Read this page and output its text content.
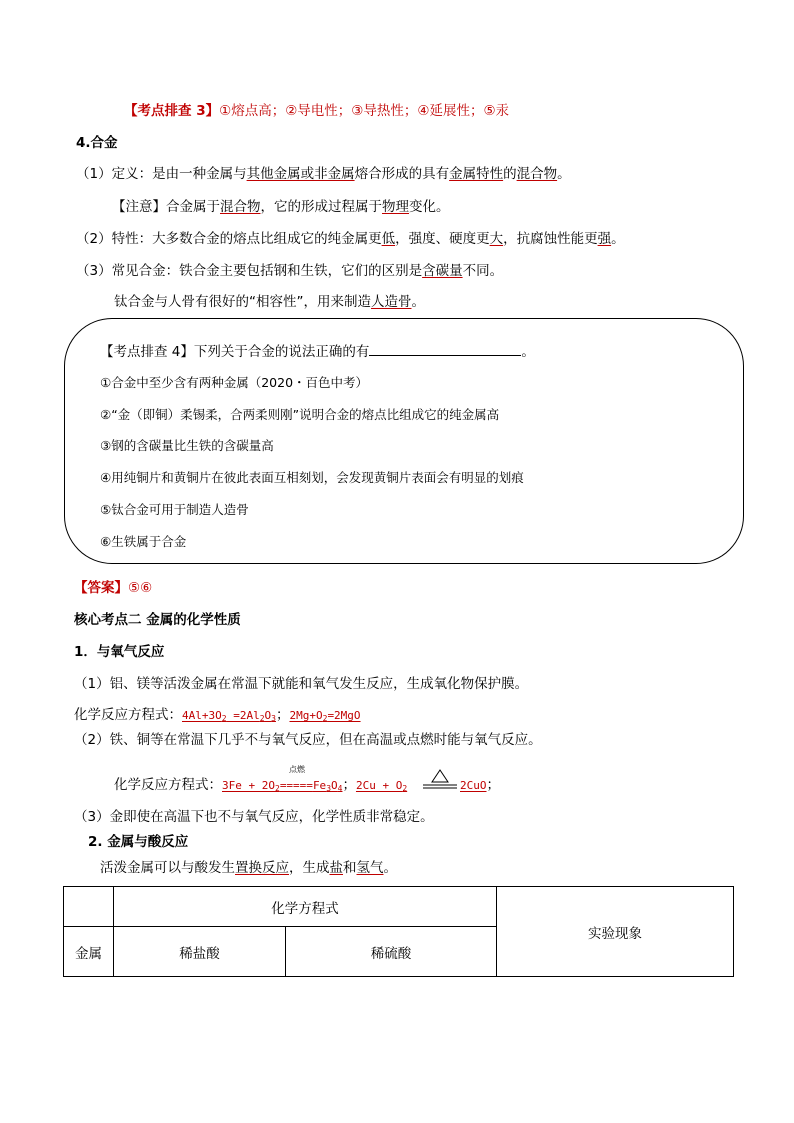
【考点排查 3】①熔点高；②导电性；③导热性；④延展性；⑤汞
4.合金
（1）定义：是由一种金属与其他金属或非金属熔合形成的具有金属特性的混合物。
【注意】合金属于混合物，它的形成过程属于物理变化。
（2）特性：大多数合金的熔点比组成它的纯金属更低，强度、硬度更大，抗腐蚀性能更强。
（3）常见合金：铁合金主要包括钢和生铁，它们的区别是含碳量不同。
钛合金与人骨有很好的“相容性”，用来制造人造骨。
【考点排查 4】下列关于合金的说法正确的有	。
①合金中至少含有两种金属（2020・百色中考）
②“金（即铜）柔锡柔，合两柔则刚”说明合金的熔点比组成它的纯金属高
③钢的含碳量比生铁的含碳量高
④用纯铜片和黄铜片在彼此表面互相刻划，会发现黄铜片表面会有明显的划痕
⑤钛合金可用于制造人造骨
⑥生铁属于合金
【答案】⑤⑥
核心考点二 金属的化学性质
1．与氧气反应
（1）铝、镁等活泼金属在常温下就能和氧气发生反应，生成氧化物保护膜。
化学反应方程式：$4Al+3O_2 =2Al_2O_3$；$2Mg+O_2=2MgO$
（2）铁、铜等在常温下几乎不与氧气反应，但在高温或点燃时能与氧气反应。
点燃
化学反应方程式：$3Fe + 2O_2=====Fe_3O_4$；$2Cu + O_2$	2CuO；
（3）金即使在高温下也不与氧气反应，化学性质非常稳定。
2. 金属与酸反应
活泼金属可以与酸发生置换反应，生成盐和氢气。
	化学方程式		实验现象
金属	稀盐酸	稀硫酸	
